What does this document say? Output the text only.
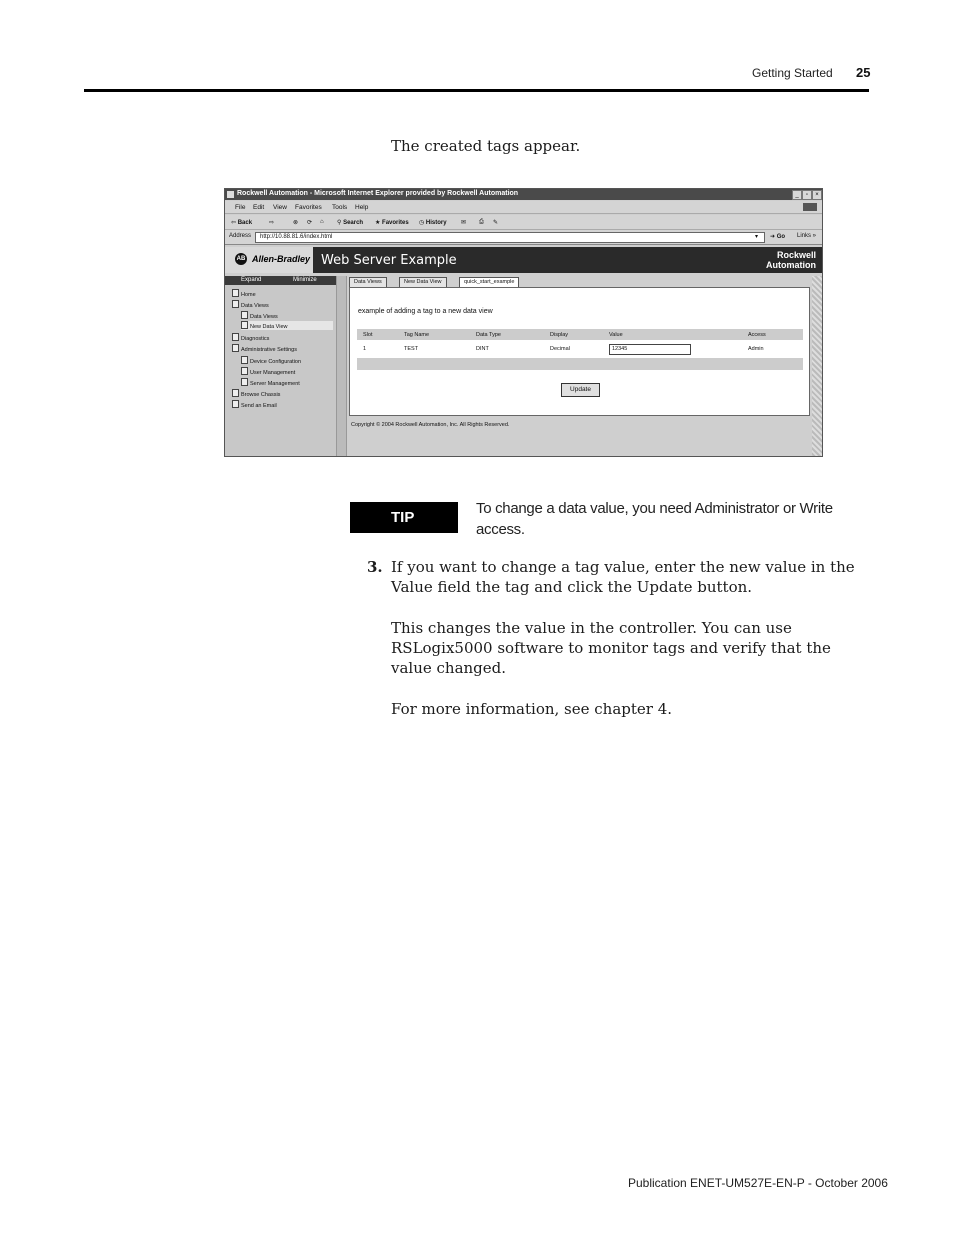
Getting Started 25
The created tags appear.
Rockwell Automation - Microsoft Internet Explorer provided by Rockwell Automation	_	▫	×
File Edit View Favorites Tools Help
⇦ Back	⇨	⊗ ⟳ ⌂ ⚲ Search ★ Favorites ◷ History ✉ ⎙ ✎
Address http://10.88.81.6/index.html	▾ ➜ Go Links »
AB Allen-Bradley Web Server Example	Rockwell
Automation
Expand	Minimize
Home
Data Views
Data Views
New Data View
Diagnostics
Administrative Settings
Device Configuration
User Management
Server Management
Browse Chassis
Send an Email
Data Views	New Data View	quick_start_example
example of adding a tag to a new data view
Slot	Tag Name	Data Type	Display	Value	Access
1	TEST	DINT	Decimal	12345	Admin
Update
Copyright © 2004 Rockwell Automation, Inc. All Rights Reserved.
TIP
To change a data value, you need Administrator or Write access.
3. If you want to change a tag value, enter the new value in the Value field the tag and click the Update button.
This changes the value in the controller. You can use RSLogix5000 software to monitor tags and verify that the value changed.
For more information, see chapter 4.
Publication ENET-UM527E-EN-P - October 2006
